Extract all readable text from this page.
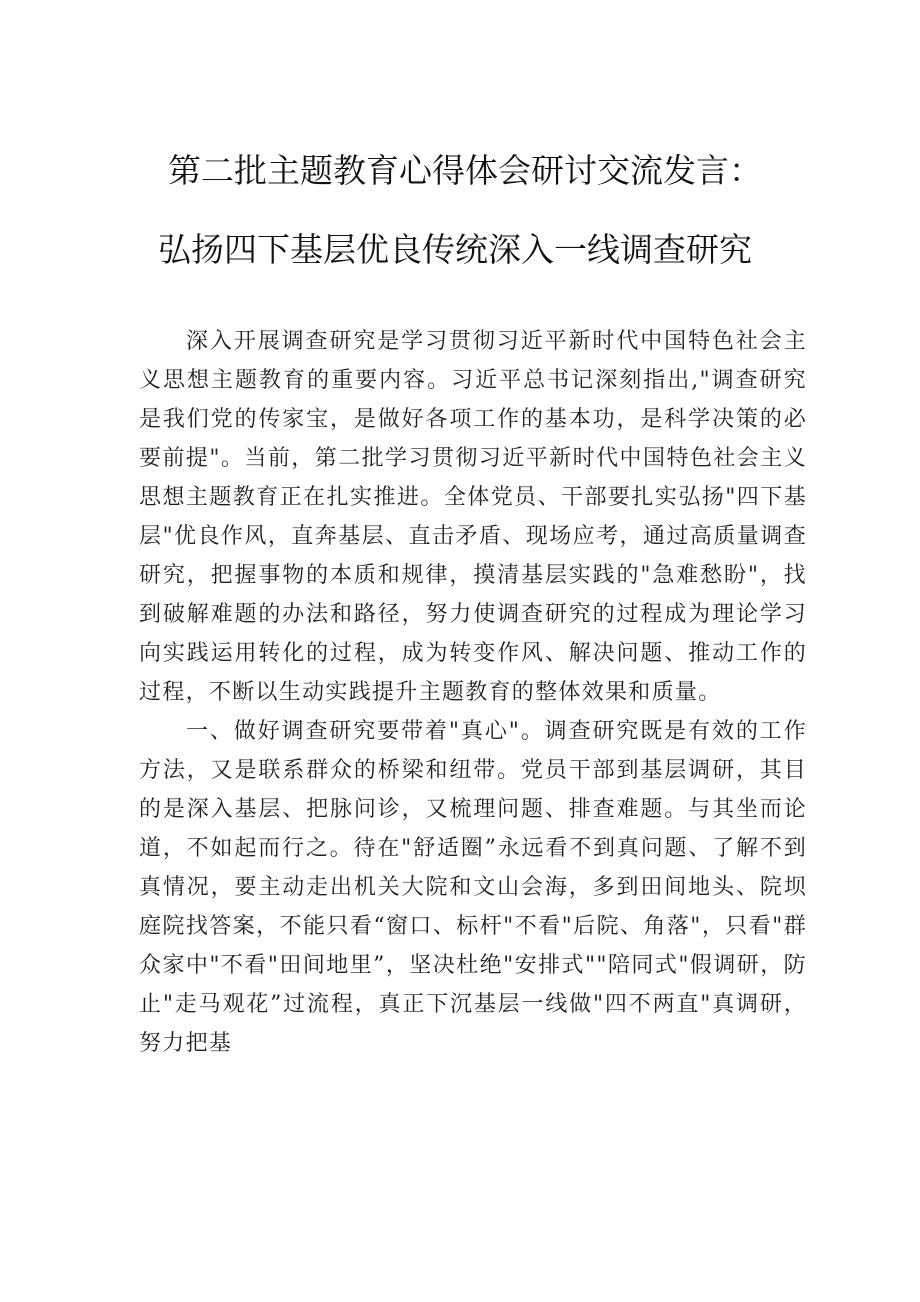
第二批主题教育心得体会研讨交流发言：
弘扬四下基层优良传统深入一线调查研究

深入开展调查研究是学习贯彻习近平新时代中国特色社会主义思想主题教育的重要内容。习近平总书记深刻指出,"调查研究是我们党的传家宝，是做好各项工作的基本功，是科学决策的必要前提"。当前，第二批学习贯彻习近平新时代中国特色社会主义思想主题教育正在扎实推进。全体党员、干部要扎实弘扬"四下基层"优良作风，直奔基层、直击矛盾、现场应考，通过高质量调查研究，把握事物的本质和规律，摸清基层实践的"急难愁盼"，找到破解难题的办法和路径，努力使调查研究的过程成为理论学习向实践运用转化的过程，成为转变作风、解决问题、推动工作的过程，不断以生动实践提升主题教育的整体效果和质量。

一、做好调查研究要带着"真心"。调查研究既是有效的工作方法，又是联系群众的桥梁和纽带。党员干部到基层调研，其目的是深入基层、把脉问诊，又梳理问题、排查难题。与其坐而论道，不如起而行之。待在"舒适圈”永远看不到真问题、了解不到真情况，要主动走出机关大院和文山会海，多到田间地头、院坝庭院找答案，不能只看“窗口、标杆"不看"后院、角落"，只看"群众家中"不看"田间地里”，坚决杜绝"安排式""陪同式"假调研，防止"走马观花”过流程，真正下沉基层一线做"四不两直"真调研，努力把基
